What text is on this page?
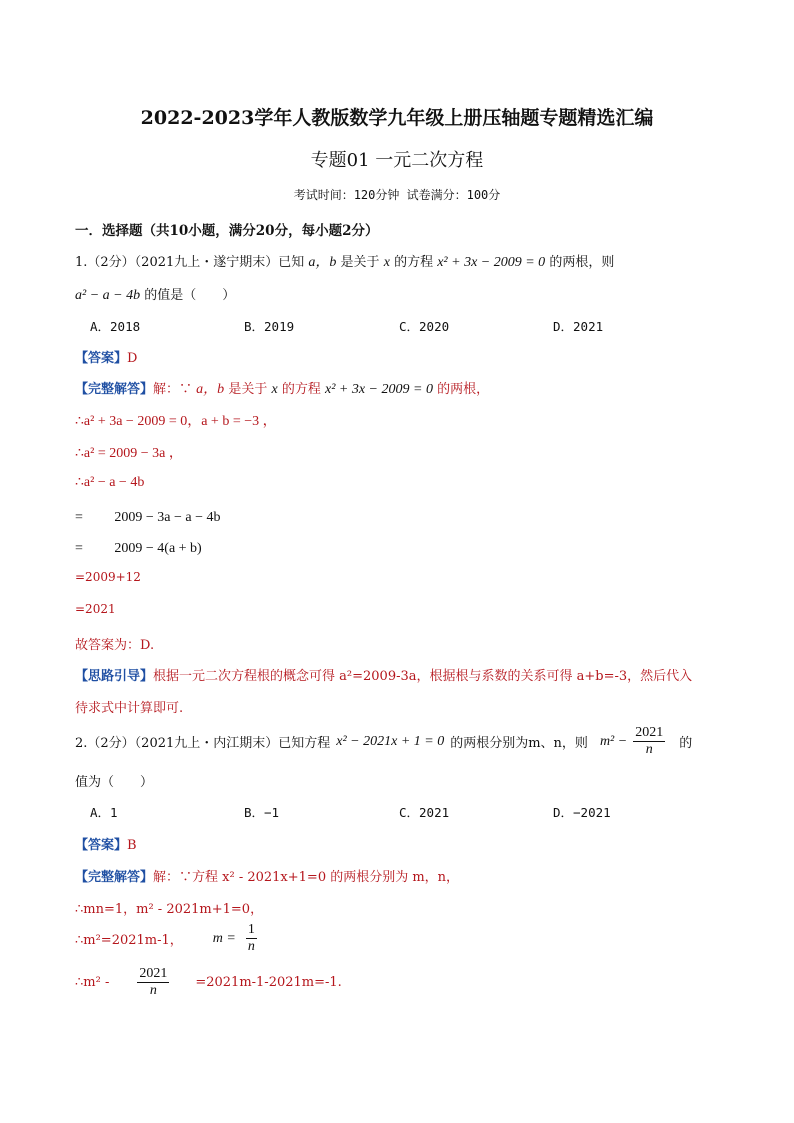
2022-2023学年人教版数学九年级上册压轴题专题精选汇编
专题01 一元二次方程
考试时间：120分钟 试卷满分：100分
一．选择题（共10小题，满分20分，每小题2分）
1.（2分）（2021九上・遂宁期末）已知 a，b 是关于 x 的方程 x² + 3x − 2009 = 0 的两根，则
a² − a − 4b 的值是（　　）
A．2018	B．2019	C．2020	D．2021
【答案】D
【完整解答】解：∵ a，b 是关于 x 的方程 x² + 3x − 2009 = 0 的两根，
∴a² + 3a − 2009 = 0，a + b = −3 ，
∴a² = 2009 − 3a ，
∴a² − a − 4b
= 　　2009 − 3a − a − 4b
= 　　2009 − 4(a + b)
=2009+12
=2021
故答案为：D.
【思路引导】根据一元二次方程根的概念可得 a²=2009-3a，根据根与系数的关系可得 a+b=-3，然后代入
待求式中计算即可.
2.（2分）（2021九上・内江期末）已知方程 x² − 2021x + 1 = 0 的两根分别为m、n，则 $m^2 - \frac{2021}{n}$ 的
值为（　　）
A．1	B．−1	C．2021	D．−2021
【答案】B
【完整解答】解：∵方程 x² - 2021x+1=0 的两根分别为 m，n，
∴mn=1，m² - 2021m+1=0，
∴m²=2021m-1， $m = \frac{1}{n}$
∴m² - $\frac{2021}{n} =2021m-1-2021m=-1$.
